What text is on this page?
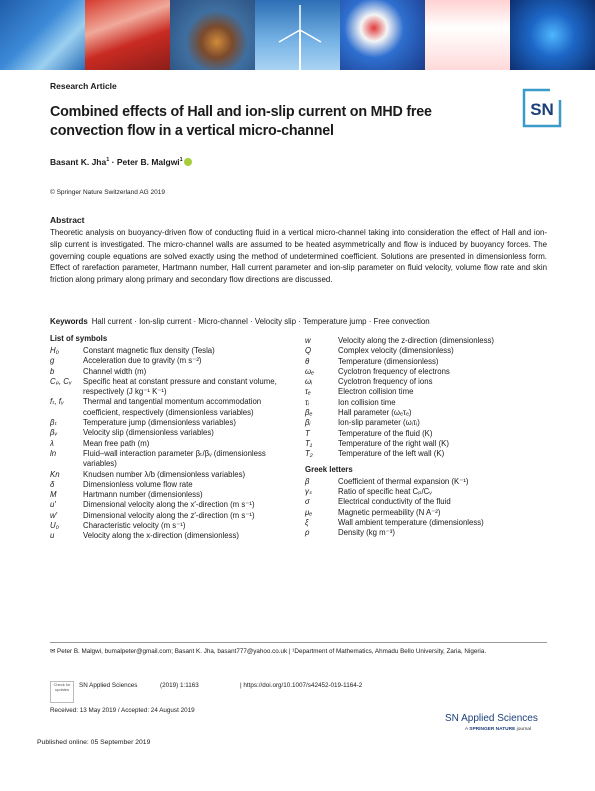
Research Article
Combined effects of Hall and ion-slip current on MHD free convection flow in a vertical micro-channel
SN
Basant K. Jha$^1$ · Peter B. Malgwi$^1$
© Springer Nature Switzerland AG 2019
Abstract
Theoretic analysis on buoyancy-driven flow of conducting fluid in a vertical micro-channel taking into consideration the effect of Hall and ion-slip current is investigated. The micro-channel walls are assumed to be heated asymmetrically and flow is induced by buoyancy forces. The governing couple equations are solved exactly using the method of undetermined coefficient. Solutions are presented in dimensionless form. Effect of rarefaction parameter, Hartmann number, Hall current parameter and ion-slip parameter on fluid velocity, volume flow rate and skin friction along primary along primary and secondary flow directions are discussed.
Keywords Hall current · Ion-slip current · Micro-channel · Velocity slip · Temperature jump · Free convection
List of symbols
H₀	Constant magnetic flux density (Tesla)
g	Acceleration due to gravity (m s⁻²)
b	Channel width (m)
Cₚ, Cᵥ	Specific heat at constant pressure and constant volume, respectively (J kg⁻¹ K⁻¹)
fₜ, fᵥ	Thermal and tangential momentum accommodation coefficient, respectively (dimensionless variables)
βₜ	Temperature jump (dimensionless variables)
βᵥ	Velocity slip (dimensionless variables)
λ	Mean free path (m)
ln	Fluid–wall interaction parameter βₜ/βᵥ (dimensionless variables)
Kn	Knudsen number λ/b (dimensionless variables)
δ	Dimensionless volume flow rate
M	Hartmann number (dimensionless)
u′	Dimensional velocity along the x′-direction (m s⁻¹)
w′	Dimensional velocity along the z′-direction (m s⁻¹)
U₀	Characteristic velocity (m s⁻¹)
u	Velocity along the x-direction (dimensionless)
w	Velocity along the z-direction (dimensionless)
Q	Complex velocity (dimensionless)
θ	Temperature (dimensionless)
ωₑ	Cyclotron frequency of electrons
ωᵢ	Cyclotron frequency of ions
τₑ	Electron collision time
τᵢ	Ion collision time
βₑ	Hall parameter (ωₑτₑ)
βᵢ	Ion-slip parameter (ωᵢτᵢ)
T	Temperature of the fluid (K)
T₁	Temperature of the right wall (K)
T₂	Temperature of the left wall (K)
Greek letters
β	Coefficient of thermal expansion (K⁻¹)
γₛ	Ratio of specific heat Cₚ/Cᵥ
σ	Electrical conductivity of the fluid
μₑ	Magnetic permeability (N A⁻²)
ξ	Wall ambient temperature (dimensionless)
ρ	Density (kg m⁻³)
✉ Peter B. Malgwi, bumalpeter@gmail.com; Basant K. Jha, basant777@yahoo.co.uk | ¹Department of Mathematics, Ahmadu Bello University, Zaria, Nigeria.
Check for updates
SN Applied Sciences	(2019) 1:1163	| https://doi.org/10.1007/s42452-019-1164-2
Received: 13 May 2019 / Accepted: 24 August 2019
Published online: 05 September 2019
SN Applied Sciences
A SPRINGER NATURE journal
